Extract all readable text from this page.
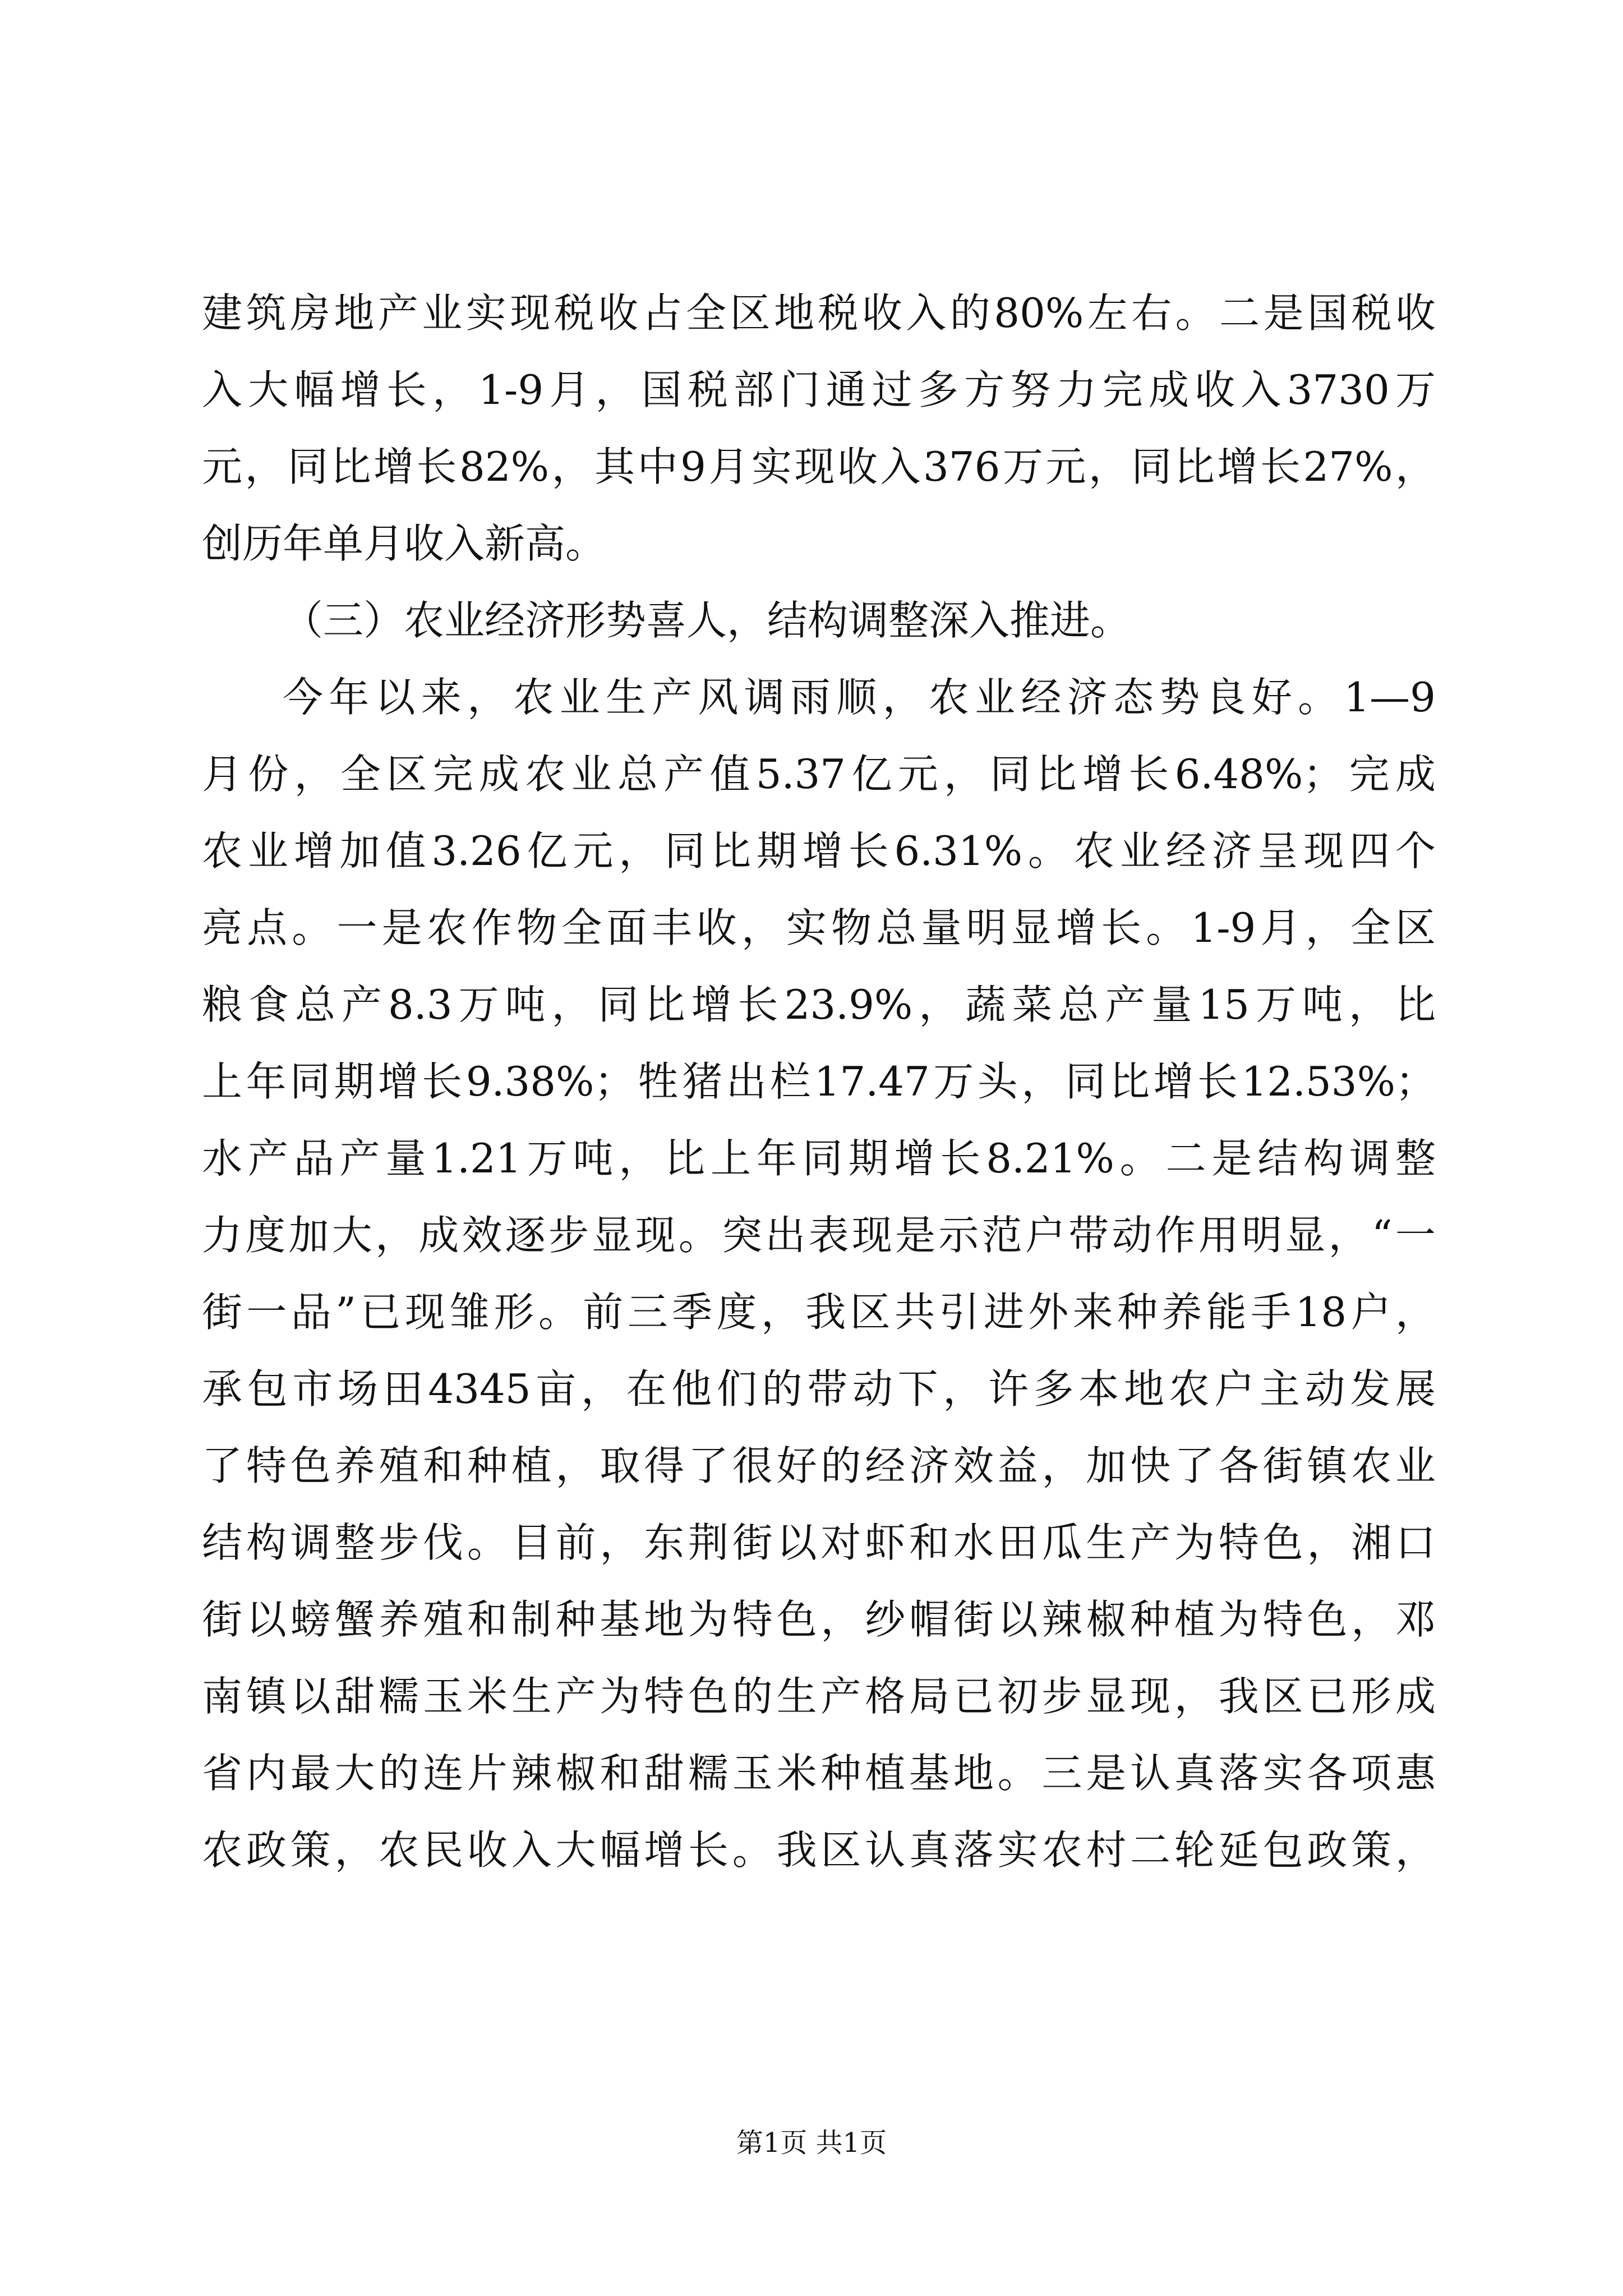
建筑房地产业实现税收占全区地税收入的80%左右。二是国税收
入大幅增长，1-9月，国税部门通过多方努力完成收入3730万
元，同比增长82%，其中9月实现收入376万元，同比增长27%，
创历年单月收入新高。
（三）农业经济形势喜人，结构调整深入推进。
今年以来，农业生产风调雨顺，农业经济态势良好。1—9
月份，全区完成农业总产值5.37亿元，同比增长6.48%；完成
农业增加值3.26亿元，同比期增长6.31%。农业经济呈现四个
亮点。一是农作物全面丰收，实物总量明显增长。1-9月，全区
粮食总产8.3万吨，同比增长23.9%，蔬菜总产量15万吨，比
上年同期增长9.38%；牲猪出栏17.47万头，同比增长12.53%；
水产品产量1.21万吨，比上年同期增长8.21%。二是结构调整
力度加大，成效逐步显现。突出表现是示范户带动作用明显，“一
街一品”已现雏形。前三季度，我区共引进外来种养能手18户，
承包市场田4345亩，在他们的带动下，许多本地农户主动发展
了特色养殖和种植，取得了很好的经济效益，加快了各街镇农业
结构调整步伐。目前，东荆街以对虾和水田瓜生产为特色，湘口
街以螃蟹养殖和制种基地为特色，纱帽街以辣椒种植为特色，邓
南镇以甜糯玉米生产为特色的生产格局已初步显现，我区已形成
省内最大的连片辣椒和甜糯玉米种植基地。三是认真落实各项惠
农政策，农民收入大幅增长。我区认真落实农村二轮延包政策，
第1页 共1页
